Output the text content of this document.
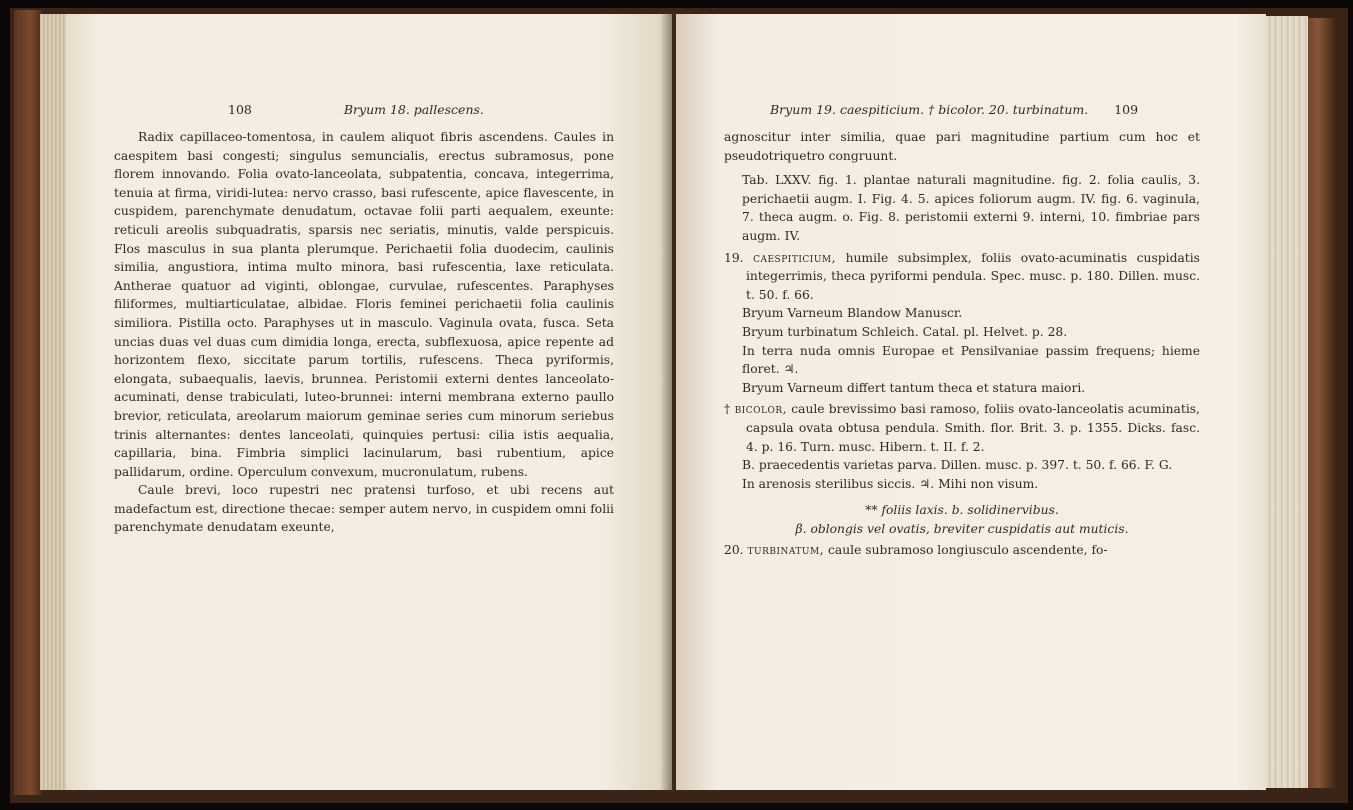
108	Bryum 18. pallescens.

Radix capillaceo-tomentosa, in caulem aliquot fibris ascendens. Caules in caespitem basi congesti; singulus semuncialis, erectus subramosus, pone florem innovando. Folia ovato-lanceolata, subpatentia, concava, integerrima, tenuia at firma, viridi-lutea: nervo crasso, basi rufescente, apice flavescente, in cuspidem, parenchymate denudatum, octavae folii parti aequalem, exeunte: reticuli areolis subquadratis, sparsis nec seriatis, minutis, valde perspicuis. Flos masculus in sua planta plerumque. Perichaetii folia duodecim, caulinis similia, angustiora, intima multo minora, basi rufescentia, laxe reticulata. Antherae quatuor ad viginti, oblongae, curvulae, rufescentes. Paraphyses filiformes, multiarticulatae, albidae. Floris feminei perichaetii folia caulinis similiora. Pistilla octo. Paraphyses ut in masculo. Vaginula ovata, fusca. Seta uncias duas vel duas cum dimidia longa, erecta, subflexuosa, apice repente ad horizontem flexo, siccitate parum tortilis, rufescens. Theca pyriformis, elongata, subaequalis, laevis, brunnea. Peristomii externi dentes lanceolato-acuminati, dense trabiculati, luteo-brunnei: interni membrana externo paullo brevior, reticulata, areolarum maiorum geminae series cum minorum seriebus trinis alternantes: dentes lanceolati, quinquies pertusi: cilia istis aequalia, capillaria, bina. Fimbria simplici lacinularum, basi rubentium, apice pallidarum, ordine. Operculum convexum, mucronulatum, rubens.

Caule brevi, loco rupestri nec pratensi turfoso, et ubi recens aut madefactum est, directione thecae: semper autem nervo, in cuspidem omni folii parenchymate denudatam exeunte,

Bryum 19. caespiticium. † bicolor. 20. turbinatum. 109

agnoscitur inter similia, quae pari magnitudine partium cum hoc et pseudotriquetro congruunt.

Tab. LXXV. fig. 1. plantae naturali magnitudine. fig. 2. folia caulis, 3. perichaetii augm. I. Fig. 4. 5. apices foliorum augm. IV. fig. 6. vaginula, 7. theca augm. o. Fig. 8. peristomii externi 9. interni, 10. fimbriae pars augm. IV.

19. caespiticium, humile subsimplex, foliis ovato-acuminatis cuspidatis integerrimis, theca pyriformi pendula. Spec. musc. p. 180. Dillen. musc. t. 50. f. 66.

Bryum Varneum Blandow Manuscr.

Bryum turbinatum Schleich. Catal. pl. Helvet. p. 28.

In terra nuda omnis Europae et Pensilvaniae passim frequens; hieme floret. ♃.

Bryum Varneum differt tantum theca et statura maiori.

† bicolor, caule brevissimo basi ramoso, foliis ovato-lanceolatis acuminatis, capsula ovata obtusa pendula. Smith. flor. Brit. 3. p. 1355. Dicks. fasc. 4. p. 16. Turn. musc. Hibern. t. II. f. 2.

B. praecedentis varietas parva. Dillen. musc. p. 397. t. 50. f. 66. F. G.

In arenosis sterilibus siccis. ♃. Mihi non visum.

** foliis laxis. b. solidinervibus.

β. oblongis vel ovatis, breviter cuspidatis aut muticis.

20. turbinatum, caule subramoso longiusculo ascendente, fo-
